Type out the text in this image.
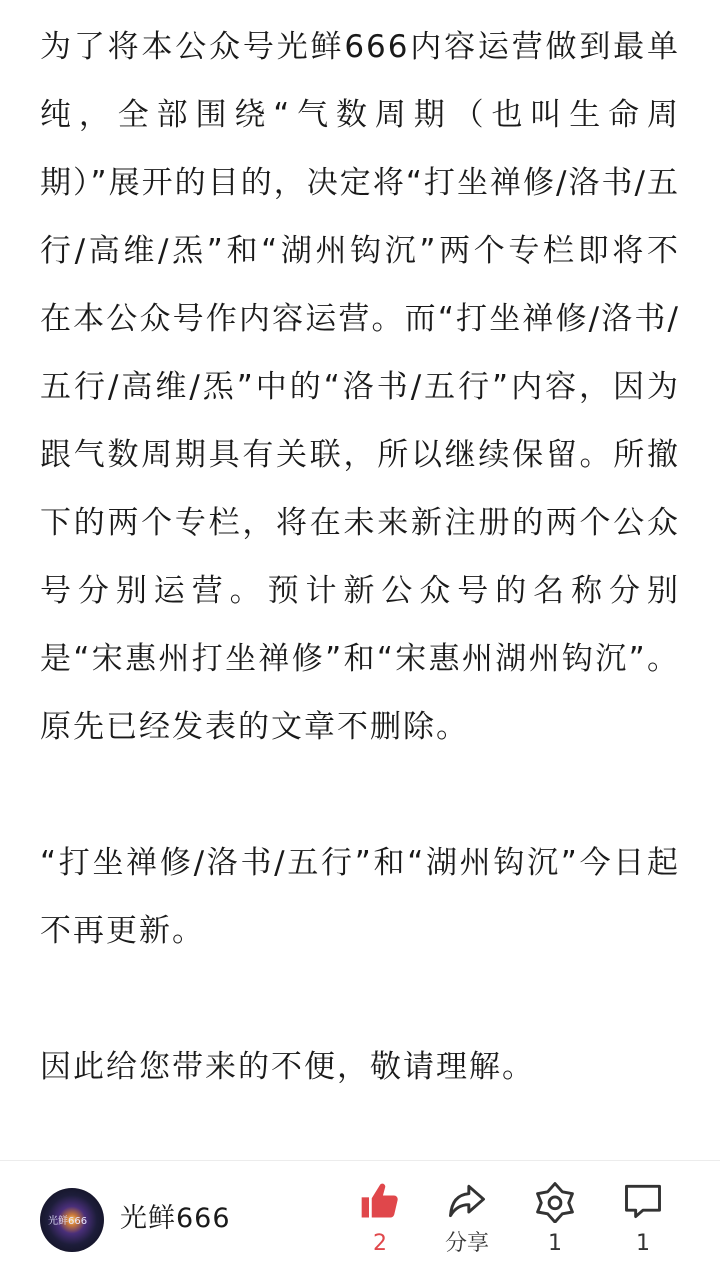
为了将本公众号光鲜666内容运营做到最单纯，全部围绕“气数周期（也叫生命周期）”展开的目的，决定将“打坐禅修/洛书/五行/高维/炁”和“湖州钩沉”两个专栏即将不在本公众号作内容运营。而“打坐禅修/洛书/五行/高维/炁”中的“洛书/五行”内容，因为跟气数周期具有关联，所以继续保留。所撤下的两个专栏，将在未来新注册的两个公众号分别运营。预计新公众号的名称分别是“宋惠州打坐禅修”和“宋惠州湖州钩沉”。原先已经发表的文章不删除。

“打坐禅修/洛书/五行”和“湖州钩沉”今日起不再更新。

因此给您带来的不便，敬请理解。

光鲜666 光鲜666
2	分享	1	1
